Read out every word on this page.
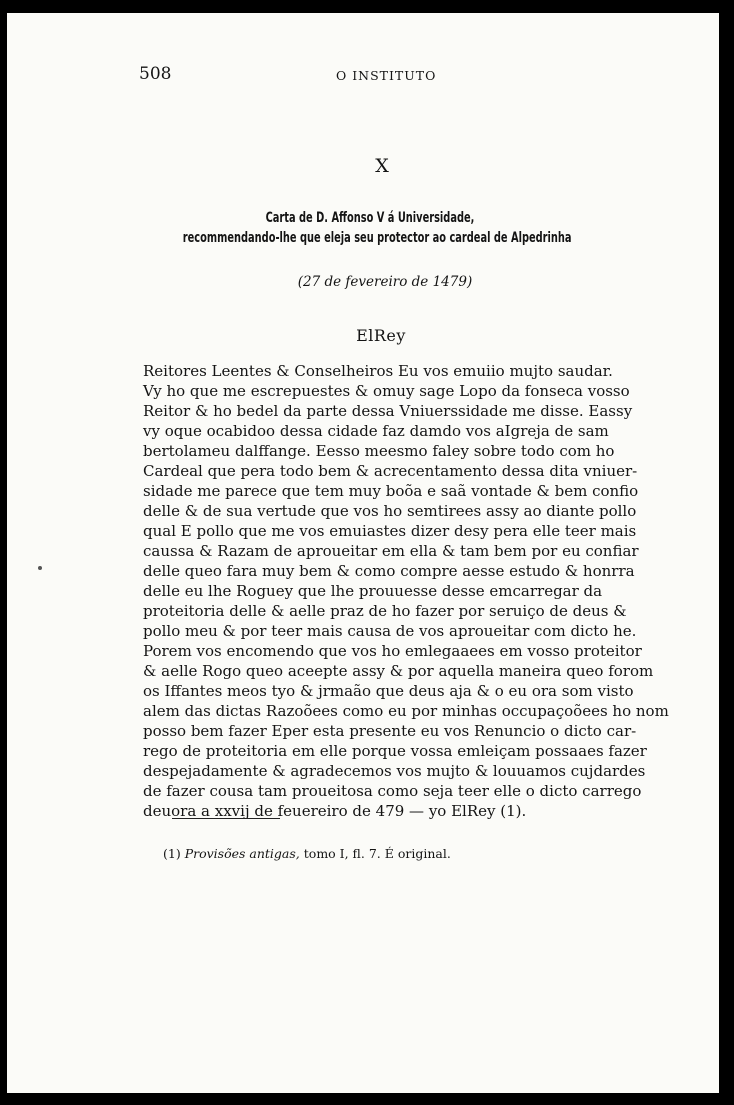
508	O INSTITUTO
X
Carta de D. Affonso V á Universidade,
recommendando-lhe que eleja seu protector ao cardeal de Alpedrinha
(27 de fevereiro de 1479)
ElRey
Reitores Leentes & Conselheiros Eu vos emuiio mujto saudar.
Vy ho que me escrepuestes & omuy sage Lopo da fonseca vosso
Reitor & ho bedel da parte dessa Vniuerssidade me disse. Eassy
vy oque ocabidoo dessa cidade faz damdo vos aIgreja de sam
bertolameu dalffange. Eesso meesmo faley sobre todo com ho
Cardeal que pera todo bem & acrecentamento dessa dita vniuer-
sidade me parece que tem muy boõa e saã vontade & bem confio
delle & de sua vertude que vos ho semtirees assy ao diante pollo
qual E pollo que me vos emuiastes dizer desy pera elle teer mais
caussa & Razam de aproueitar em ella & tam bem por eu confiar
delle queo fara muy bem & como compre aesse estudo & honrra
delle eu lhe Roguey que lhe prouuesse desse emcarregar da
proteitoria delle & aelle praz de ho fazer por seruiço de deus &
pollo meu & por teer mais causa de vos aproueitar com dicto he.
Porem vos encomendo que vos ho emlegaaees em vosso proteitor
& aelle Rogo queo aceepte assy & por aquella maneira queo forom
os Iffantes meos tyo & jrmaão que deus aja & o eu ora som visto
alem das dictas Razoõees como eu por minhas occupaçoõees ho nom
posso bem fazer Eper esta presente eu vos Renuncio o dicto car-
rego de proteitoria em elle porque vossa emleiçam possaaes fazer
despejadamente & agradecemos vos mujto & louuamos cujdardes
de fazer cousa tam proueitosa como seja teer elle o dicto carrego
deuora a xxvij de feuereiro de 479 — yo ElRey (1).
(1) Provisões antigas, tomo I, fl. 7. É original.
